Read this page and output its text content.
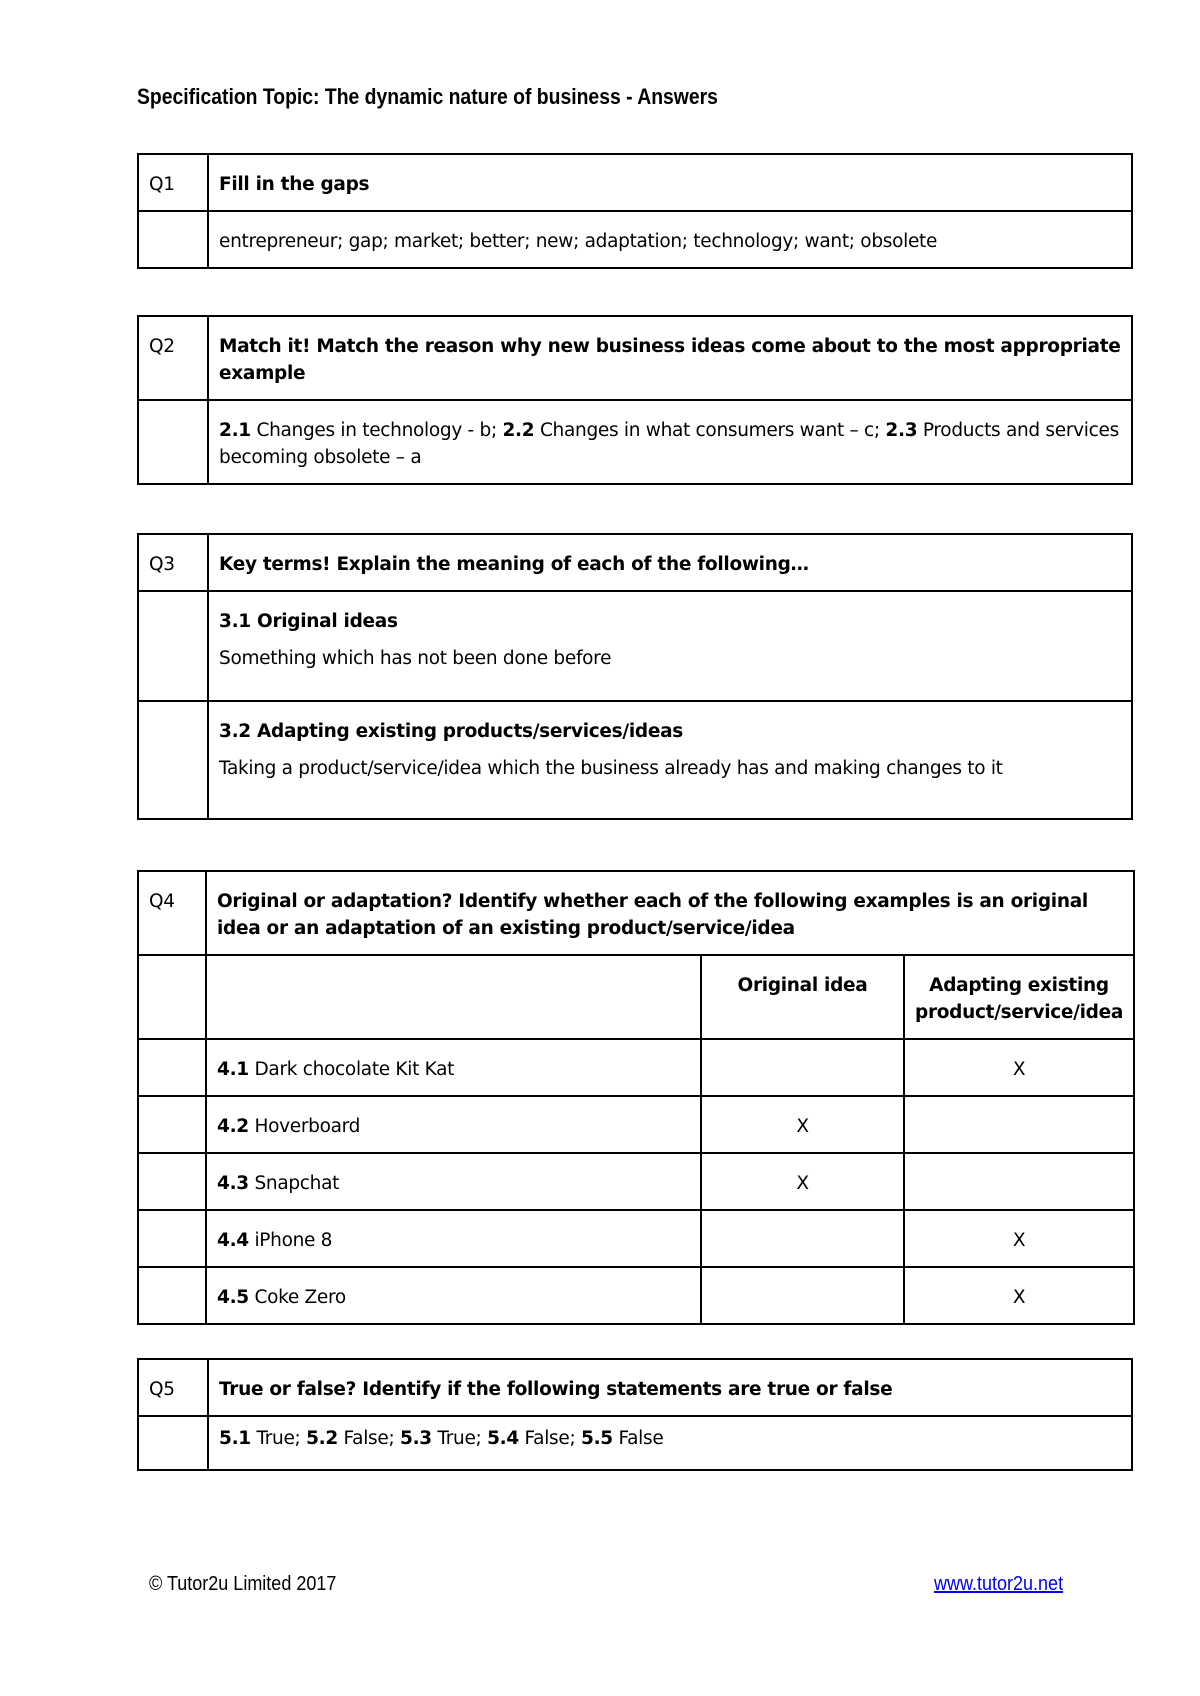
Specification Topic: The dynamic nature of business - Answers
Q1	Fill in the gaps
	entrepreneur; gap; market; better; new; adaptation; technology; want; obsolete
Q2	Match it! Match the reason why new business ideas come about to the most appropriate example
	2.1 Changes in technology - b; 2.2 Changes in what consumers want – c; 2.3 Products and services becoming obsolete – a
Q3	Key terms! Explain the meaning of each of the following…

	3.1 Original ideas
Something which has not been done before

	3.2 Adapting existing products/services/ideas
Taking a product/service/idea which the business already has and making changes to it
Q4	Original or adaptation? Identify whether each of the following examples is an original idea or an adaptation of an existing product/service/idea		
		Original idea	Adapting existing product/service/idea
	4.1 Dark chocolate Kit Kat		X
	4.2 Hoverboard	X	
	4.3 Snapchat	X	
	4.4 iPhone 8		X
	4.5 Coke Zero		X
Q5	True or false? Identify if the following statements are true or false
	5.1 True; 5.2 False; 5.3 True; 5.4 False; 5.5 False
© Tutor2u Limited 2017	www.tutor2u.net
